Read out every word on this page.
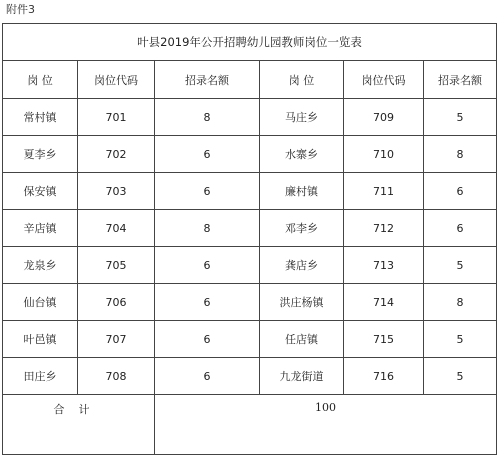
附件3
叶县2019年公开招聘幼儿园教师岗位一览表					
岗 位	岗位代码	招录名额	岗 位	岗位代码	招录名额
常村镇	701	8	马庄乡	709	5
夏李乡	702	6	水寨乡	710	8
保安镇	703	6	廉村镇	711	6
辛店镇	704	8	邓李乡	712	6
龙泉乡	705	6	龚店乡	713	5
仙台镇	706	6	洪庄杨镇	714	8
叶邑镇	707	6	任店镇	715	5
田庄乡	708	6	九龙街道	716	5
合计		100			
